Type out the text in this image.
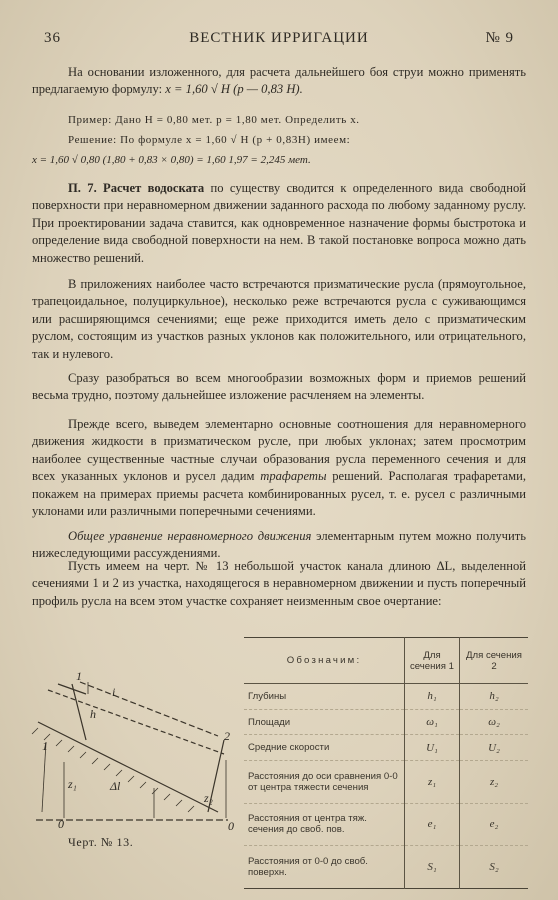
36	ВЕСТНИК ИРРИГАЦИИ	№ 9

На основании изложенного, для расчета дальнейшего боя струи можно применять предлагаемую формулу: x = 1,60 √ H (p — 0,83 H).

Пример: Дано H = 0,80 мет. p = 1,80 мет. Определить x.

Решение: По формуле x = 1,60 √ H (p + 0,83H) имеем:

x = 1,60 √ 0,80 (1,80 + 0,83 × 0,80) = 1,60 1,97 = 2,245 мет.

П. 7. Расчет водоската по существу сводится к определенного вида свободной поверхности при неравномерном движении заданного расхода по любому заданному руслу. При проектировании задача ставится, как одновременное назначение формы быстротока и определение вида свободной поверхности на нем. В такой постановке вопроса можно дать множество решений.

В приложениях наиболее часто встречаются призматические русла (прямоугольное, трапецоидальное, полуциркульное), несколько реже встречаются русла с суживающимся или расширяющимся сечениями; еще реже приходится иметь дело с призматическим руслом, состоящим из участков разных уклонов как положительного, или отрицательного, так и нулевого.

Сразу разобраться во всем многообразии возможных форм и приемов решений весьма трудно, поэтому дальнейшее изложение расчленяем на элементы.

Прежде всего, выведем элементарно основные соотношения для неравномерного движения жидкости в призматическом русле, при любых уклонах; затем просмотрим наиболее существенные частные случаи образования русла переменного сечения и для всех указанных уклонов и русел дадим трафареты решений. Располагая трафаретами, покажем на примерах приемы расчета комбинированных русел, т. е. русел с различными уклонами или различными поперечными сечениями.

Общее уравнение неравномерного движения элементарным путем можно получить нижеследующими рассуждениями.

Пусть имеем на черт. № 13 небольшой участок канала длиною ΔL, выделенной сечениями 1 и 2 из участка, находящегося в неравномерном движении и пусть поперечный профиль русла на всем этом участке сохраняет неизменным свое очертание:

1
1
2
h
i
z₁
z₂
Δl
0	0
Черт. № 13.
Обозначим:	Для сечения 1	Для сечения 2
Глубины	h₁	h₂
Площади	ω₁	ω₂
Средние скорости	U₁	U₂
Расстояния до оси сравнения 0-0 от центра тяжести сечения	z₁	z₂
Расстояния от центра тяж. сечения до своб. пов.	e₁	e₂
Расстояния от 0-0 до своб. поверхн.	S₁	S₂
